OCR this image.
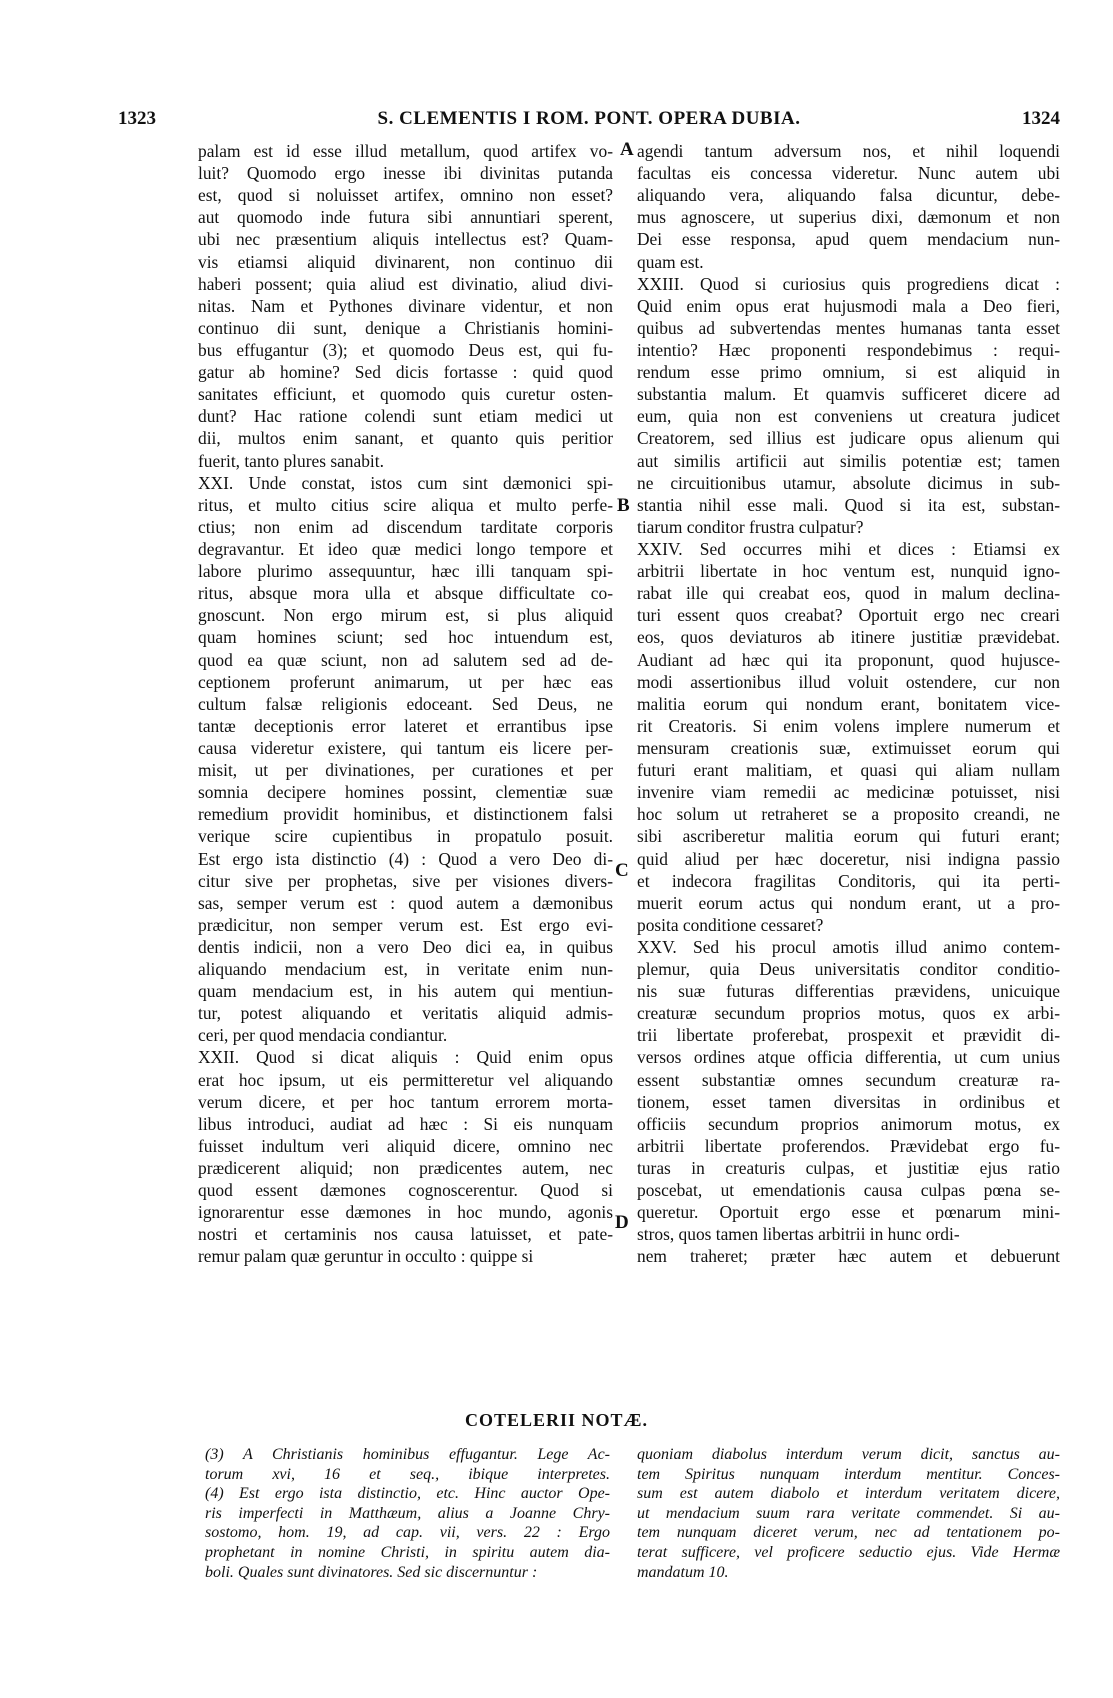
1323	S. CLEMENTIS I ROM. PONT. OPERA DUBIA.	1324
A
B
C
D
palam est id esse illud metallum, quod artifex vo-
luit? Quomodo ergo inesse ibi divinitas putanda
est, quod si noluisset artifex, omnino non esset?
aut quomodo inde futura sibi annuntiari sperent,
ubi nec præsentium aliquis intellectus est? Quam-
vis etiamsi aliquid divinarent, non continuo dii
haberi possent; quia aliud est divinatio, aliud divi-
nitas. Nam et Pythones divinare videntur, et non
continuo dii sunt, denique a Christianis homini-
bus effugantur (3); et quomodo Deus est, qui fu-
gatur ab homine? Sed dicis fortasse : quid quod
sanitates efficiunt, et quomodo quis curetur osten-
dunt? Hac ratione colendi sunt etiam medici ut
dii, multos enim sanant, et quanto quis peritior
fuerit, tanto plures sanabit.
XXI. Unde constat, istos cum sint dæmonici spi-
ritus, et multo citius scire aliqua et multo perfe-
ctius; non enim ad discendum tarditate corporis
degravantur. Et ideo quæ medici longo tempore et
labore plurimo assequuntur, hæc illi tanquam spi-
ritus, absque mora ulla et absque difficultate co-
gnoscunt. Non ergo mirum est, si plus aliquid
quam homines sciunt; sed hoc intuendum est,
quod ea quæ sciunt, non ad salutem sed ad de-
ceptionem proferunt animarum, ut per hæc eas
cultum falsæ religionis edoceant. Sed Deus, ne
tantæ deceptionis error lateret et errantibus ipse
causa videretur existere, qui tantum eis licere per-
misit, ut per divinationes, per curationes et per
somnia decipere homines possint, clementiæ suæ
remedium providit hominibus, et distinctionem falsi
verique scire cupientibus in propatulo posuit.
Est ergo ista distinctio (4) : Quod a vero Deo di-
citur sive per prophetas, sive per visiones divers-
sas, semper verum est : quod autem a dæmonibus
prædicitur, non semper verum est. Est ergo evi-
dentis indicii, non a vero Deo dici ea, in quibus
aliquando mendacium est, in veritate enim nun-
quam mendacium est, in his autem qui mentiun-
tur, potest aliquando et veritatis aliquid admis-
ceri, per quod mendacia condiantur.
XXII. Quod si dicat aliquis : Quid enim opus
erat hoc ipsum, ut eis permitteretur vel aliquando
verum dicere, et per hoc tantum errorem morta-
libus introduci, audiat ad hæc : Si eis nunquam
fuisset indultum veri aliquid dicere, omnino nec
prædicerent aliquid; non prædicentes autem, nec
quod essent dæmones cognoscerentur. Quod si
ignorarentur esse dæmones in hoc mundo, agonis
nostri et certaminis nos causa latuisset, et pate-
remur palam quæ geruntur in occulto : quippe si
agendi tantum adversum nos, et nihil loquendi
facultas eis concessa videretur. Nunc autem ubi
aliquando vera, aliquando falsa dicuntur, debe-
mus agnoscere, ut superius dixi, dæmonum et non
Dei esse responsa, apud quem mendacium nun-
quam est.
XXIII. Quod si curiosius quis progrediens dicat :
Quid enim opus erat hujusmodi mala a Deo fieri,
quibus ad subvertendas mentes humanas tanta esset
intentio? Hæc proponenti respondebimus : requi-
rendum esse primo omnium, si est aliquid in
substantia malum. Et quamvis sufficeret dicere ad
eum, quia non est conveniens ut creatura judicet
Creatorem, sed illius est judicare opus alienum qui
aut similis artificii aut similis potentiæ est; tamen
ne circuitionibus utamur, absolute dicimus in sub-
stantia nihil esse mali. Quod si ita est, substan-
tiarum conditor frustra culpatur?
XXIV. Sed occurres mihi et dices : Etiamsi ex
arbitrii libertate in hoc ventum est, nunquid igno-
rabat ille qui creabat eos, quod in malum declina-
turi essent quos creabat? Oportuit ergo nec creari
eos, quos deviaturos ab itinere justitiæ prævidebat.
Audiant ad hæc qui ita proponunt, quod hujusce-
modi assertionibus illud voluit ostendere, cur non
malitia eorum qui nondum erant, bonitatem vice-
rit Creatoris. Si enim volens implere numerum et
mensuram creationis suæ, extimuisset eorum qui
futuri erant malitiam, et quasi qui aliam nullam
invenire viam remedii ac medicinæ potuisset, nisi
hoc solum ut retraheret se a proposito creandi, ne
sibi ascriberetur malitia eorum qui futuri erant;
quid aliud per hæc doceretur, nisi indigna passio
et indecora fragilitas Conditoris, qui ita perti-
muerit eorum actus qui nondum erant, ut a pro-
posita conditione cessaret?
XXV. Sed his procul amotis illud animo contem-
plemur, quia Deus universitatis conditor conditio-
nis suæ futuras differentias prævidens, unicuique
creaturæ secundum proprios motus, quos ex arbi-
trii libertate proferebat, prospexit et prævidit di-
versos ordines atque officia differentia, ut cum unius
essent substantiæ omnes secundum creaturæ ra-
tionem, esset tamen diversitas in ordinibus et
officiis secundum proprios animorum motus, ex
arbitrii libertate proferendos. Prævidebat ergo fu-
turas in creaturis culpas, et justitiæ ejus ratio
poscebat, ut emendationis causa culpas pœna se-
queretur. Oportuit ergo esse et pœnarum mini-
stros, quos tamen libertas arbitrii in hunc ordi-
nem traheret; præter hæc autem et debuerunt
COTELERII NOTÆ.
(3) A Christianis hominibus effugantur. Lege Ac-
torum xvi, 16 et seq., ibique interpretes.
(4) Est ergo ista distinctio, etc. Hinc auctor Ope-
ris imperfecti in Matthæum, alius a Joanne Chry-
sostomo, hom. 19, ad cap. vii, vers. 22 : Ergo
prophetant in nomine Christi, in spiritu autem dia-
boli. Quales sunt divinatores. Sed sic discernuntur :
quoniam diabolus interdum verum dicit, sanctus au-
tem Spiritus nunquam interdum mentitur. Conces-
sum est autem diabolo et interdum veritatem dicere,
ut mendacium suum rara veritate commendet. Si au-
tem nunquam diceret verum, nec ad tentationem po-
terat sufficere, vel proficere seductio ejus. Vide Hermæ
mandatum 10.
